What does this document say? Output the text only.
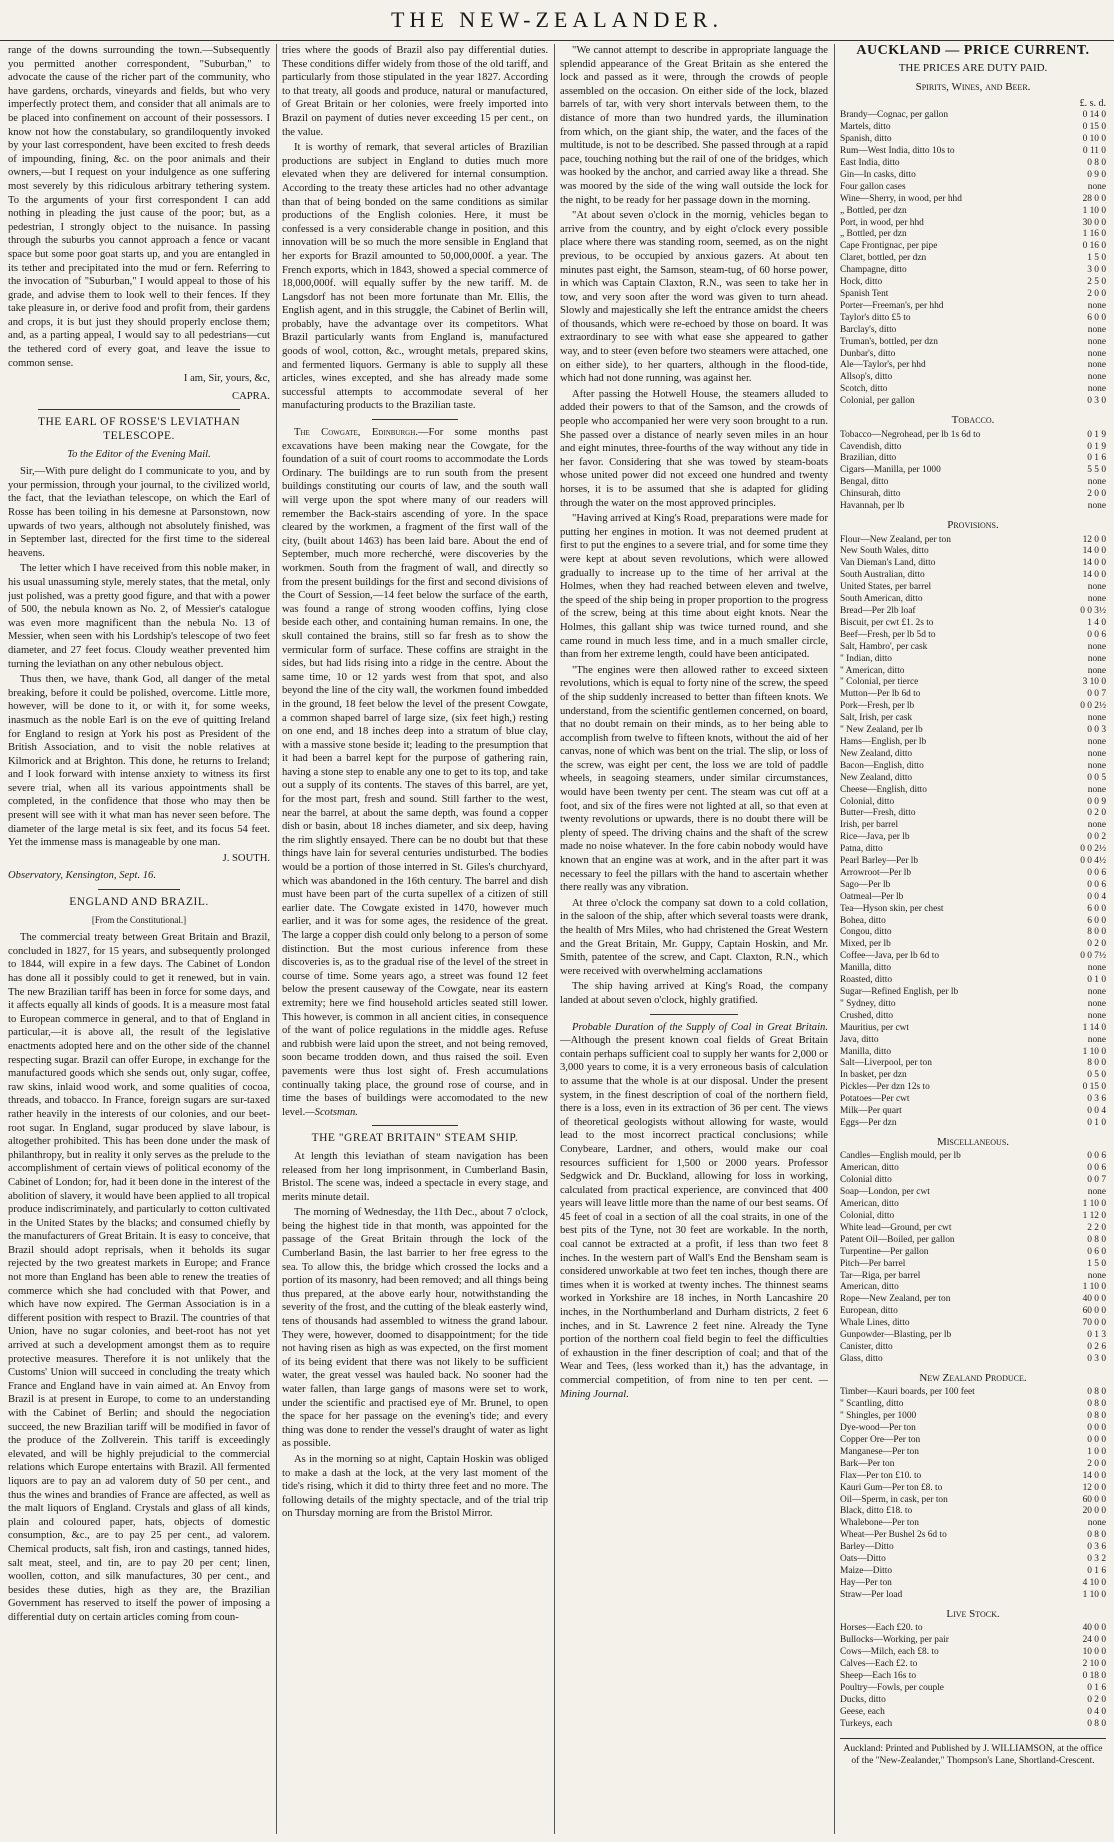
THE NEW-ZEALANDER.

range of the downs surrounding the town.—Subsequently you permitted another correspondent, "Suburban," to advocate the cause of the richer part of the community, who have gardens, orchards, vineyards and fields, but who very imperfectly protect them, and consider that all animals are to be placed into confinement on account of their possessors. I know not how the constabulary, so grandiloquently invoked by your last correspondent, have been excited to fresh deeds of impounding, fining, &c. on the poor animals and their owners,—but I request on your indulgence as one suffering most severely by this ridiculous arbitrary tethering system. To the arguments of your first correspondent I can add nothing in pleading the just cause of the poor; but, as a pedestrian, I strongly object to the nuisance. In passing through the suburbs you cannot approach a fence or vacant space but some poor goat starts up, and you are entangled in its tether and precipitated into the mud or fern. Referring to the invocation of "Suburban," I would appeal to those of his grade, and advise them to look well to their fences. If they take pleasure in, or derive food and profit from, their gardens and crops, it is but just they should properly enclose them; and, as a parting appeal, I would say to all pedestrians—cut the tethered cord of every goat, and leave the issue to common sense.

I am, Sir, yours, &c,

CAPRA.

THE EARL OF ROSSE'S LEVIATHAN TELESCOPE.

To the Editor of the Evening Mail.

Sir,—With pure delight do I communicate to you, and by your permission, through your journal, to the civilized world, the fact, that the leviathan telescope, on which the Earl of Rosse has been toiling in his demesne at Parsonstown, now upwards of two years, although not absolutely finished, was in September last, directed for the first time to the sidereal heavens.

The letter which I have received from this noble maker, in his usual unassuming style, merely states, that the metal, only just polished, was a pretty good figure, and that with a power of 500, the nebula known as No. 2, of Messier's catalogue was even more magnificent than the nebula No. 13 of Messier, when seen with his Lordship's telescope of two feet diameter, and 27 feet focus. Cloudy weather prevented him turning the leviathan on any other nebulous object.

Thus then, we have, thank God, all danger of the metal breaking, before it could be polished, overcome. Little more, however, will be done to it, or with it, for some weeks, inasmuch as the noble Earl is on the eve of quitting Ireland for England to resign at York his post as President of the British Association, and to visit the noble relatives at Kilmorick and at Brighton. This done, he returns to Ireland; and I look forward with intense anxiety to witness its first severe trial, when all its various appointments shall be completed, in the confidence that those who may then be present will see with it what man has never seen before. The diameter of the large metal is six feet, and its focus 54 feet. Yet the immense mass is manageable by one man.

J. SOUTH.

Observatory, Kensington, Sept. 16.

ENGLAND AND BRAZIL.

[From the Constitutional.]

The commercial treaty between Great Britain and Brazil, concluded in 1827, for 15 years, and subsequently prolonged to 1844, will expire in a few days. The Cabinet of London has done all it possibly could to get it renewed, but in vain. The new Brazilian tariff has been in force for some days, and it affects equally all kinds of goods. It is a measure most fatal to European commerce in general, and to that of England in particular,—it is above all, the result of the legislative enactments adopted here and on the other side of the channel respecting sugar. Brazil can offer Europe, in exchange for the manufactured goods which she sends out, only sugar, coffee, raw skins, inlaid wood work, and some qualities of cocoa, threads, and tobacco. In France, foreign sugars are sur-taxed rather heavily in the interests of our colonies, and our beet-root sugar. In England, sugar produced by slave labour, is altogether prohibited. This has been done under the mask of philanthropy, but in reality it only serves as the prelude to the accomplishment of certain views of political economy of the Cabinet of London; for, had it been done in the interest of the abolition of slavery, it would have been applied to all tropical produce indiscriminately, and particularly to cotton cultivated in the United States by the blacks; and consumed chiefly by the manufacturers of Great Britain. It is easy to conceive, that Brazil should adopt reprisals, when it beholds its sugar rejected by the two greatest markets in Europe; and France not more than England has been able to renew the treaties of commerce which she had concluded with that Power, and which have now expired. The German Association is in a different position with respect to Brazil. The countries of that Union, have no sugar colonies, and beet-root has not yet arrived at such a development amongst them as to require protective measures. Therefore it is not unlikely that the Customs' Union will succeed in concluding the treaty which France and England have in vain aimed at. An Envoy from Brazil is at present in Europe, to come to an understanding with the Cabinet of Berlin; and should the negociation succeed, the new Brazilian tariff will be modified in favor of the produce of the Zollverein. This tariff is exceedingly elevated, and will be highly prejudicial to the commercial relations which Europe entertains with Brazil. All fermented liquors are to pay an ad valorem duty of 50 per cent., and thus the wines and brandies of France are affected, as well as the malt liquors of England. Crystals and glass of all kinds, plain and coloured paper, hats, objects of domestic consumption, &c., are to pay 25 per cent., ad valorem. Chemical products, salt fish, iron and castings, tanned hides, salt meat, steel, and tin, are to pay 20 per cent; linen, woollen, cotton, and silk manufactures, 30 per cent., and besides these duties, high as they are, the Brazilian Government has reserved to itself the power of imposing a differential duty on certain articles coming from coun-

tries where the goods of Brazil also pay differential duties. These conditions differ widely from those of the old tariff, and particularly from those stipulated in the year 1827. According to that treaty, all goods and produce, natural or manufactured, of Great Britain or her colonies, were freely imported into Brazil on payment of duties never exceeding 15 per cent., on the value.

It is worthy of remark, that several articles of Brazilian productions are subject in England to duties much more elevated when they are delivered for internal consumption. According to the treaty these articles had no other advantage than that of being bonded on the same conditions as similar productions of the English colonies. Here, it must be confessed is a very considerable change in position, and this innovation will be so much the more sensible in England that her exports for Brazil amounted to 50,000,000f. a year. The French exports, which in 1843, showed a special commerce of 18,000,000f. will equally suffer by the new tariff. M. de Langsdorf has not been more fortunate than Mr. Ellis, the English agent, and in this struggle, the Cabinet of Berlin will, probably, have the advantage over its competitors. What Brazil particularly wants from England is, manufactured goods of wool, cotton, &c., wrought metals, prepared skins, and fermented liquors. Germany is able to supply all these articles, wines excepted, and she has already made some successful attempts to accommodate several of her manufacturing products to the Brazilian taste.

The Cowgate, Edinburgh.—For some months past excavations have been making near the Cowgate, for the foundation of a suit of court rooms to accommodate the Lords Ordinary. The buildings are to run south from the present buildings constituting our courts of law, and the south wall will verge upon the spot where many of our readers will remember the Back-stairs ascending of yore. In the space cleared by the workmen, a fragment of the first wall of the city, (built about 1463) has been laid bare. About the end of September, much more recherché, were discoveries by the workmen. South from the fragment of wall, and directly so from the present buildings for the first and second divisions of the Court of Session,—14 feet below the surface of the earth, was found a range of strong wooden coffins, lying close beside each other, and containing human remains. In one, the skull contained the brains, still so far fresh as to show the vermicular form of surface. These coffins are straight in the sides, but had lids rising into a ridge in the centre. About the same time, 10 or 12 yards west from that spot, and also beyond the line of the city wall, the workmen found imbedded in the ground, 18 feet below the level of the present Cowgate, a common shaped barrel of large size, (six feet high,) resting on one end, and 18 inches deep into a stratum of blue clay, with a massive stone beside it; leading to the presumption that it had been a barrel kept for the purpose of gathering rain, having a stone step to enable any one to get to its top, and take out a supply of its contents. The staves of this barrel, are yet, for the most part, fresh and sound. Still farther to the west, near the barrel, at about the same depth, was found a copper dish or basin, about 18 inches diameter, and six deep, having the rim slightly ensayed. There can be no doubt but that these things have lain for several centuries undisturbed. The bodies would be a portion of those interred in St. Giles's churchyard, which was abandoned in the 16th century. The barrel and dish must have been part of the curta supellex of a citizen of still earlier date. The Cowgate existed in 1470, however much earlier, and it was for some ages, the residence of the great. The large a copper dish could only belong to a person of some distinction. But the most curious inference from these discoveries is, as to the gradual rise of the level of the street in course of time. Some years ago, a street was found 12 feet below the present causeway of the Cowgate, near its eastern extremity; here we find household articles seated still lower. This however, is common in all ancient cities, in consequence of the want of police regulations in the middle ages. Refuse and rubbish were laid upon the street, and not being removed, soon became trodden down, and thus raised the soil. Even pavements were thus lost sight of. Fresh accumulations continually taking place, the ground rose of course, and in time the bases of buildings were accomodated to the new level.—Scotsman.

THE "GREAT BRITAIN" STEAM SHIP.

At length this leviathan of steam navigation has been released from her long imprisonment, in Cumberland Basin, Bristol. The scene was, indeed a spectacle in every stage, and merits minute detail.

The morning of Wednesday, the 11th Dec., about 7 o'clock, being the highest tide in that month, was appointed for the passage of the Great Britain through the lock of the Cumberland Basin, the last barrier to her free egress to the sea. To allow this, the bridge which crossed the locks and a portion of its masonry, had been removed; and all things being thus prepared, at the above early hour, notwithstanding the severity of the frost, and the cutting of the bleak easterly wind, tens of thousands had assembled to witness the grand labour. They were, however, doomed to disappointment; for the tide not having risen as high as was expected, on the first moment of its being evident that there was not likely to be sufficient water, the great vessel was hauled back. No sooner had the water fallen, than large gangs of masons were set to work, under the scientific and practised eye of Mr. Brunel, to open the space for her passage on the evening's tide; and every thing was done to render the vessel's draught of water as light as possible.

As in the morning so at night, Captain Hoskin was obliged to make a dash at the lock, at the very last moment of the tide's rising, which it did to thirty three feet and no more. The following details of the mighty spectacle, and of the trial trip on Thursday morning are from the Bristol Mirror.

"We cannot attempt to describe in appropriate language the splendid appearance of the Great Britain as she entered the lock and passed as it were, through the crowds of people assembled on the occasion. On either side of the lock, blazed barrels of tar, with very short intervals between them, to the distance of more than two hundred yards, the illumination from which, on the giant ship, the water, and the faces of the multitude, is not to be described. She passed through at a rapid pace, touching nothing but the rail of one of the bridges, which was hooked by the anchor, and carried away like a thread. She was moored by the side of the wing wall outside the lock for the night, to be ready for her passage down in the morning.

"At about seven o'clock in the mornig, vehicles began to arrive from the country, and by eight o'clock every possible place where there was standing room, seemed, as on the night previous, to be occupied by anxious gazers. At about ten minutes past eight, the Samson, steam-tug, of 60 horse power, in which was Captain Claxton, R.N., was seen to take her in tow, and very soon after the word was given to turn ahead. Slowly and majestically she left the entrance amidst the cheers of thousands, which were re-echoed by those on board. It was extraordinary to see with what ease she appeared to gather way, and to steer (even before two steamers were attached, one on either side), to her quarters, although in the flood-tide, which had not done running, was against her.

After passing the Hotwell House, the steamers alluded to added their powers to that of the Samson, and the crowds of people who accompanied her were very soon brought to a run. She passed over a distance of nearly seven miles in an hour and eight minutes, three-fourths of the way without any tide in her favor. Considering that she was towed by steam-boats whose united power did not exceed one hundred and twenty horses, it is to be assumed that she is adapted for gliding through the water on the most approved principles.

"Having arrived at King's Road, preparations were made for putting her engines in motion. It was not deemed prudent at first to put the engines to a severe trial, and for some time they were kept at about seven revolutions, which were allowed gradually to increase up to the time of her arrival at the Holmes, when they had reached between eleven and twelve, the speed of the ship being in proper proportion to the progress of the screw, being at this time about eight knots. Near the Holmes, this gallant ship was twice turned round, and she came round in much less time, and in a much smaller circle, than from her extreme length, could have been anticipated.

"The engines were then allowed rather to exceed sixteen revolutions, which is equal to forty nine of the screw, the speed of the ship suddenly increased to better than fifteen knots. We understand, from the scientific gentlemen concerned, on board, that no doubt remain on their minds, as to her being able to accomplish from twelve to fifteen knots, without the aid of her canvas, none of which was bent on the trial. The slip, or loss of the screw, was eight per cent, the loss we are told of paddle wheels, in seagoing steamers, under similar circumstances, would have been twenty per cent. The steam was cut off at a foot, and six of the fires were not lighted at all, so that even at twenty revolutions or upwards, there is no doubt there will be plenty of speed. The driving chains and the shaft of the screw made no noise whatever. In the fore cabin nobody would have known that an engine was at work, and in the after part it was necessary to feel the pillars with the hand to ascertain whether there really was any vibration.

At three o'clock the company sat down to a cold collation, in the saloon of the ship, after which several toasts were drank, the health of Mrs Miles, who had christened the Great Western and the Great Britain, Mr. Guppy, Captain Hoskin, and Mr. Smith, patentee of the screw, and Capt. Claxton, R.N., which were received with overwhelming acclamations

The ship having arrived at King's Road, the company landed at about seven o'clock, highly gratified.

Probable Duration of the Supply of Coal in Great Britain.—Although the present known coal fields of Great Britain contain perhaps sufficient coal to supply her wants for 2,000 or 3,000 years to come, it is a very erroneous basis of calculation to assume that the whole is at our disposal. Under the present system, in the finest description of coal of the northern field, there is a loss, even in its extraction of 36 per cent. The views of theoretical geologists without allowing for waste, would lead to the most incorrect practical conclusions; while Conybeare, Lardner, and others, would make our coal resources sufficient for 1,500 or 2000 years. Professor Sedgwick and Dr. Buckland, allowing for loss in working, calculated from practical experience, are convinced that 400 years will leave little more than the name of our best seams. Of 45 feet of coal in a section of all the coal straits, in one of the best pits of the Tyne, not 30 feet are workable. In the north, coal cannot be extracted at a profit, if less than two feet 8 inches. In the western part of Wall's End the Bensham seam is considered unworkable at two feet ten inches, though there are times when it is worked at twenty inches. The thinnest seams worked in Yorkshire are 18 inches, in North Lancashire 20 inches, in the Northumberland and Durham districts, 2 feet 6 inches, and in St. Lawrence 2 feet nine. Already the Tyne portion of the northern coal field begin to feel the difficulties of exhaustion in the finer description of coal; and that of the Wear and Tees, (less worked than it,) has the advantage, in commercial competition, of from nine to ten per cent. —Mining Journal.

AUCKLAND — PRICE CURRENT.
THE PRICES ARE DUTY PAID.
Spirits, Wines, and Beer.
£. s. d.
Brandy—Cognac, per gallon	0 14 0
Martels, ditto	0 15 0
Spanish, ditto	0 10 0
Rum—West India, ditto 10s to	0 11 0
East India, ditto	0 8 0
Gin—In casks, ditto	0 9 0
Four gallon cases	none
Wine—Sherry, in wood, per hhd	28 0 0
„ Bottled, per dzn	1 10 0
Port, in wood, per hhd	30 0 0
„ Bottled, per dzn	1 16 0
Cape Frontignac, per pipe	0 16 0
Claret, bottled, per dzn	1 5 0
Champagne, ditto	3 0 0
Hock, ditto	2 5 0
Spanish Tent	2 0 0
Porter—Freeman's, per hhd	none
Taylor's ditto £5 to	6 0 0
Barclay's, ditto	none
Truman's, bottled, per dzn	none
Dunbar's, ditto	none
Ale—Taylor's, per hhd	none
Allsop's, ditto	none
Scotch, ditto	none
Colonial, per gallon	0 3 0
Tobacco.
Tobacco—Negrohead, per lb 1s 6d to	0 1 9
Cavendish, ditto	0 1 9
Brazilian, ditto	0 1 6
Cigars—Manilla, per 1000	5 5 0
Bengal, ditto	none
Chinsurah, ditto	2 0 0
Havannah, per lb	none
Provisions.
Flour—New Zealand, per ton	12 0 0
New South Wales, ditto	14 0 0
Van Dieman's Land, ditto	14 0 0
South Australian, ditto	14 0 0
United States, per barrel	none
South American, ditto	none
Bread—Per 2lb loaf	0 0 3½
Biscuit, per cwt £1. 2s to	1 4 0
Beef—Fresh, per lb 5d to	0 0 6
Salt, Hambro', per cask	none
" Indian, ditto	none
" American, ditto	none
" Colonial, per tierce	3 10 0
Mutton—Per lb 6d to	0 0 7
Pork—Fresh, per lb	0 0 2½
Salt, Irish, per cask	none
" New Zealand, per lb	0 0 3
Hams—English, per lb	none
New Zealand, ditto	none
Bacon—English, ditto	none
New Zealand, ditto	0 0 5
Cheese—English, ditto	none
Colonial, ditto	0 0 9
Butter—Fresh, ditto	0 2 0
Irish, per barrel	none
Rice—Java, per lb	0 0 2
Patna, ditto	0 0 2½
Pearl Barley—Per lb	0 0 4½
Arrowroot—Per lb	0 0 6
Sago—Per lb	0 0 6
Oatmeal—Per lb	0 0 4
Tea—Hyson skin, per chest	6 0 0
Bohea, ditto	6 0 0
Congou, ditto	8 0 0
Mixed, per lb	0 2 0
Coffee—Java, per lb 6d to	0 0 7½
Manilla, ditto	none
Roasted, ditto	0 1 0
Sugar—Refined English, per lb	none
" Sydney, ditto	none
Crushed, ditto	none
Mauritius, per cwt	1 14 0
Java, ditto	none
Manilla, ditto	1 10 0
Salt—Liverpool, per ton	8 0 0
In basket, per dzn	0 5 0
Pickles—Per dzn 12s to	0 15 0
Potatoes—Per cwt	0 3 6
Milk—Per quart	0 0 4
Eggs—Per dzn	0 1 0
Miscellaneous.
Candles—English mould, per lb	0 0 6
American, ditto	0 0 6
Colonial ditto	0 0 7
Soap—London, per cwt	none
American, ditto	1 10 0
Colonial, ditto	1 12 0
White lead—Ground, per cwt	2 2 0
Patent Oil—Boiled, per gallon	0 8 0
Turpentine—Per gallon	0 6 0
Pitch—Per barrel	1 5 0
Tar—Riga, per barrel	none
American, ditto	1 10 0
Rope—New Zealand, per ton	40 0 0
European, ditto	60 0 0
Whale Lines, ditto	70 0 0
Gunpowder—Blasting, per lb	0 1 3
Canister, ditto	0 2 6
Glass, ditto	0 3 0
New Zealand Produce.
Timber—Kauri boards, per 100 feet	0 8 0
" Scantling, ditto	0 8 0
" Shingles, per 1000	0 8 0
Dye-wood—Per ton	0 0 0
Copper Ore—Per ton	0 0 0
Manganese—Per ton	1 0 0
Bark—Per ton	2 0 0
Flax—Per ton £10. to	14 0 0
Kauri Gum—Per ton £8. to	12 0 0
Oil—Sperm, in cask, per ton	60 0 0
Black, ditto £18. to	20 0 0
Whalebone—Per ton	none
Wheat—Per Bushel 2s 6d to	0 8 0
Barley—Ditto	0 3 6
Oats—Ditto	0 3 2
Maize—Ditto	0 1 6
Hay—Per ton	4 10 0
Straw—Per load	1 10 0
Live Stock.
Horses—Each £20. to	40 0 0
Bullocks—Working, per pair	24 0 0
Cows—Milch, each £8. to	10 0 0
Calves—Each £2. to	2 10 0
Sheep—Each 16s to	0 18 0
Poultry—Fowls, per couple	0 1 6
Ducks, ditto	0 2 0
Geese, each	0 4 0
Turkeys, each	0 8 0
Auckland: Printed and Published by J. WILLIAMSON, at the office of the "New-Zealander," Thompson's Lane, Shortland-Crescent.
